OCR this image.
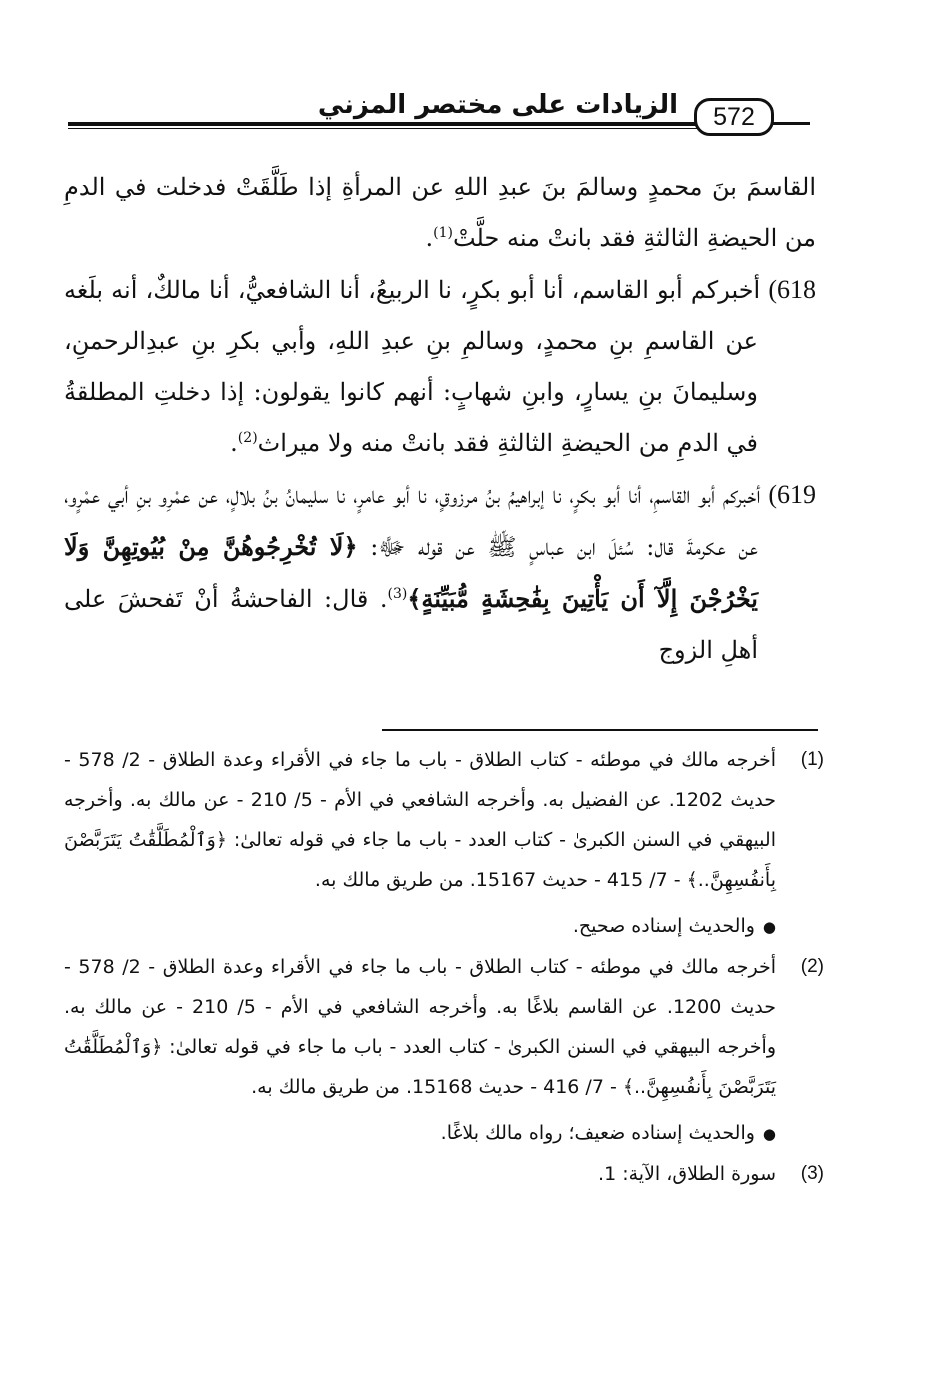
الزيادات على مختصر المزني	572

القاسمَ بنَ محمدٍ وسالمَ بنَ عبدِ اللهِ عن المرأةِ إذا طَلَّقَتْ فدخلت في الدمِ من الحيضةِ الثالثةِ فقد بانتْ منه حلَّتْ$^{(1)}$.

618) أخبركم أبو القاسم، أنا أبو بكرٍ، نا الربيعُ، أنا الشافعيُّ، أنا مالكٌ، أنه بلَغه عن القاسمِ بنِ محمدٍ، وسالمِ بنِ عبدِ اللهِ، وأبي بكرِ بنِ عبدِالرحمنِ، وسليمانَ بنِ يسارٍ، وابنِ شهابٍ: أنهم كانوا يقولون: إذا دخلتِ المطلقةُ في الدمِ من الحيضةِ الثالثةِ فقد بانتْ منه ولا ميراث$^{(2)}$.

619) أخبركم أبو القاسمِ، أنا أبو بكرٍ، نا إبراهيمُ بنُ مرزوقٍ، نا أبو عامرٍ، نا سليمانُ بنُ بلالٍ، عن عمْرِو بنِ أبي عمْرٍو، عن عكرمةَ قال: سُئلَ ابن عباسٍ ﷺ عن قوله ﷻ: ﴿لَا تُخْرِجُوهُنَّ مِنْ بُيُوتِهِنَّ وَلَا يَخْرُجْنَ إِلَّآ أَن يَأْتِينَ بِفَٰحِشَةٍ مُّبَيِّنَةٍ﴾$^{(3)}$. قال: الفاحشةُ أنْ تَفحشَ على أهلِ الزوج

(1)
أخرجه مالك في موطئه - كتاب الطلاق - باب ما جاء في الأقراء وعدة الطلاق - 2/ 578 - حديث 1202. عن الفضيل به. وأخرجه الشافعي في الأم - 5/ 210 - عن مالك به. وأخرجه البيهقي في السنن الكبرىٰ - كتاب العدد - باب ما جاء في قوله تعالىٰ: ﴿وَٱلْمُطَلَّقَٰتُ يَتَرَبَّصْنَ بِأَنفُسِهِنَّ..﴾ - 7/ 415 - حديث 15167. من طريق مالك به.

●والحديث إسناده صحيح.

(2)
أخرجه مالك في موطئه - كتاب الطلاق - باب ما جاء في الأقراء وعدة الطلاق - 2/ 578 - حديث 1200. عن القاسم بلاغًا به. وأخرجه الشافعي في الأم - 5/ 210 - عن مالك به. وأخرجه البيهقي في السنن الكبرىٰ - كتاب العدد - باب ما جاء في قوله تعالىٰ: ﴿وَٱلْمُطَلَّقَٰتُ يَتَرَبَّصْنَ بِأَنفُسِهِنَّ..﴾ - 7/ 416 - حديث 15168. من طريق مالك به.

●والحديث إسناده ضعيف؛ رواه مالك بلاغًا.

(3)
سورة الطلاق، الآية: 1.
